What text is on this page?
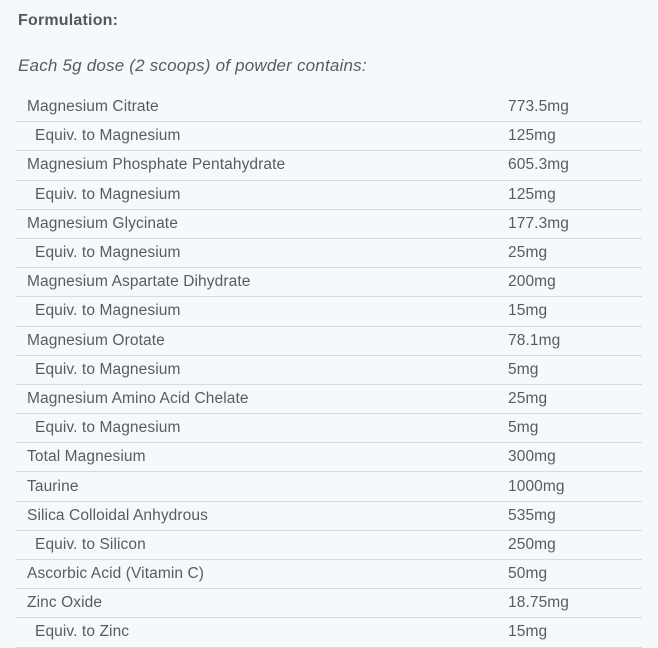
Formulation:

Each 5g dose (2 scoops) of powder contains:

Magnesium Citrate	773.5mg
Equiv. to Magnesium	125mg
Magnesium Phosphate Pentahydrate	605.3mg
Equiv. to Magnesium	125mg
Magnesium Glycinate	177.3mg
Equiv. to Magnesium	25mg
Magnesium Aspartate Dihydrate	200mg
Equiv. to Magnesium	15mg
Magnesium Orotate	78.1mg
Equiv. to Magnesium	5mg
Magnesium Amino Acid Chelate	25mg
Equiv. to Magnesium	5mg
Total Magnesium	300mg
Taurine	1000mg
Silica Colloidal Anhydrous	535mg
Equiv. to Silicon	250mg
Ascorbic Acid (Vitamin C)	50mg
Zinc Oxide	18.75mg
Equiv. to Zinc	15mg
